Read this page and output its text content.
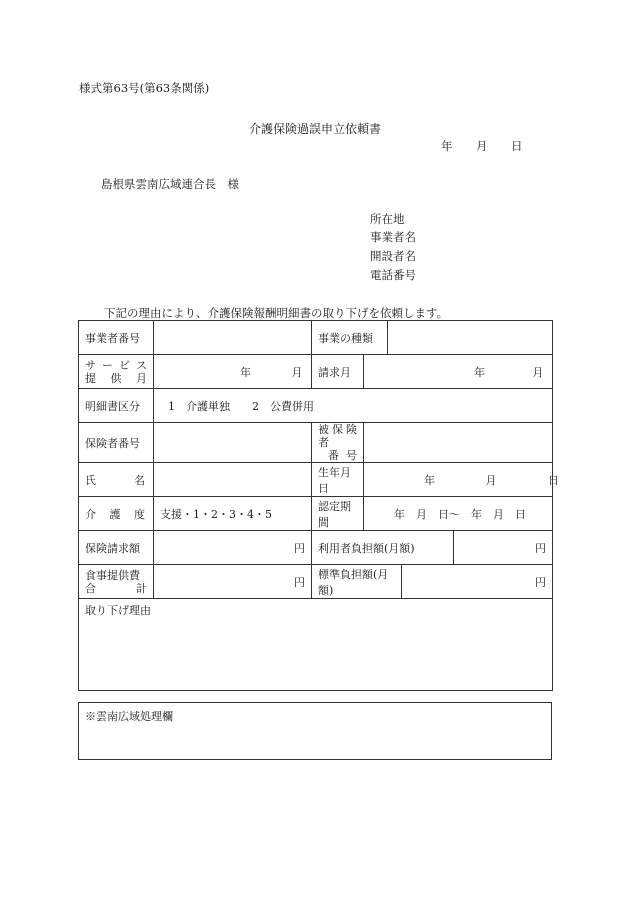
様式第63号(第63条関係)
介護保険過誤申立依頼書
年 月 日
島根県雲南広域連合長　様
所在地
事業者名
開設者名
電話番号
下記の理由により、介護保険報酬明細書の取り下げを依頼します。
事業者番号		事業の種類				

サービス
提供月	年 月	請求月	年 月			
明細書区分	1　介護単独　　2　公費併用					
保険者番号		被保険者
番号				

氏名		生年月日	年 月 日			
介護度	支援・1・2・3・4・5	認定期間	年　月　日〜　年　月　日			
保険請求額	円	利用者負担額(月額)				円

食事提供費
合計	円	標準負担額(月額)			円	
取り下げ理由						
※雲南広域処理欄
